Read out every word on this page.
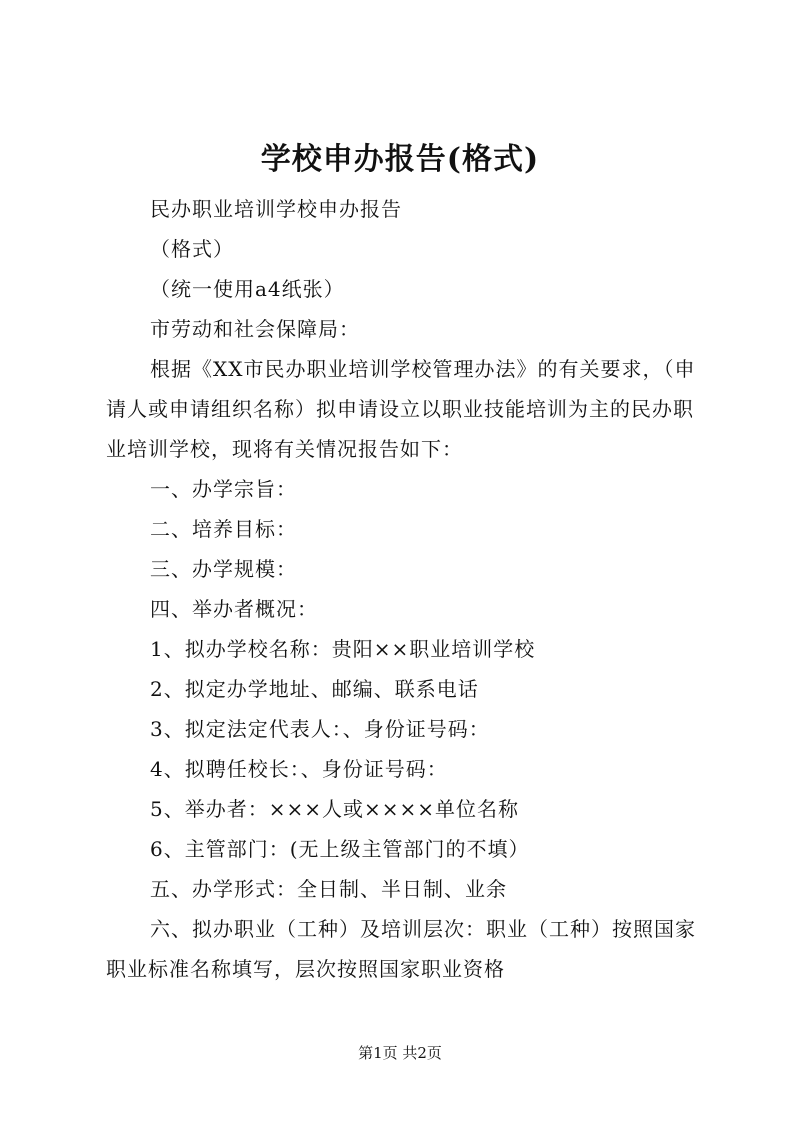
学校申办报告(格式)

民办职业培训学校申办报告

（格式）

（统一使用a4纸张）

市劳动和社会保障局：

根据《XX市民办职业培训学校管理办法》的有关要求，（申请人或申请组织名称）拟申请设立以职业技能培训为主的民办职业培训学校，现将有关情况报告如下：

一、办学宗旨：

二、培养目标：

三、办学规模：

四、举办者概况：

1、拟办学校名称：贵阳××职业培训学校

2、拟定办学地址、邮编、联系电话

3、拟定法定代表人：、身份证号码：

4、拟聘任校长：、身份证号码：

5、举办者：×××人或××××单位名称

6、主管部门：(无上级主管部门的不填）

五、办学形式：全日制、半日制、业余

六、拟办职业（工种）及培训层次：职业（工种）按照国家职业标准名称填写，层次按照国家职业资格

第1页 共2页
